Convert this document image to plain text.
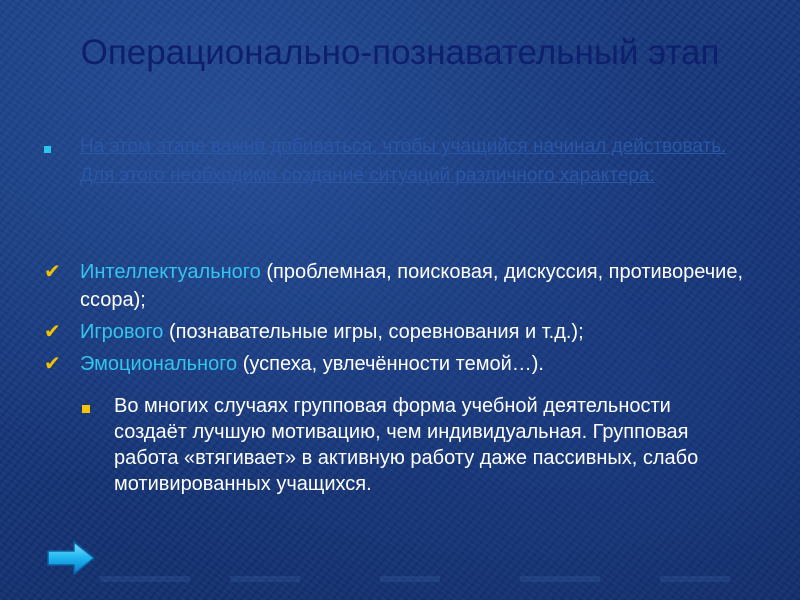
Операционально-познавательный этап
На этом этапе важно добиваться, чтобы учащийся начинал действовать. Для этого необходимо создание ситуаций различного характера:
✔ Интеллектуального (проблемная, поисковая, дискуссия, противоречие, ссора);
✔ Игрового (познавательные игры, соревнования и т.д.);
✔ Эмоционального (успеха, увлечённости темой…).
Во многих случаях групповая форма учебной деятельности создаёт лучшую мотивацию, чем индивидуальная. Групповая работа «втягивает» в активную работу даже пассивных, слабо мотивированных учащихся.
